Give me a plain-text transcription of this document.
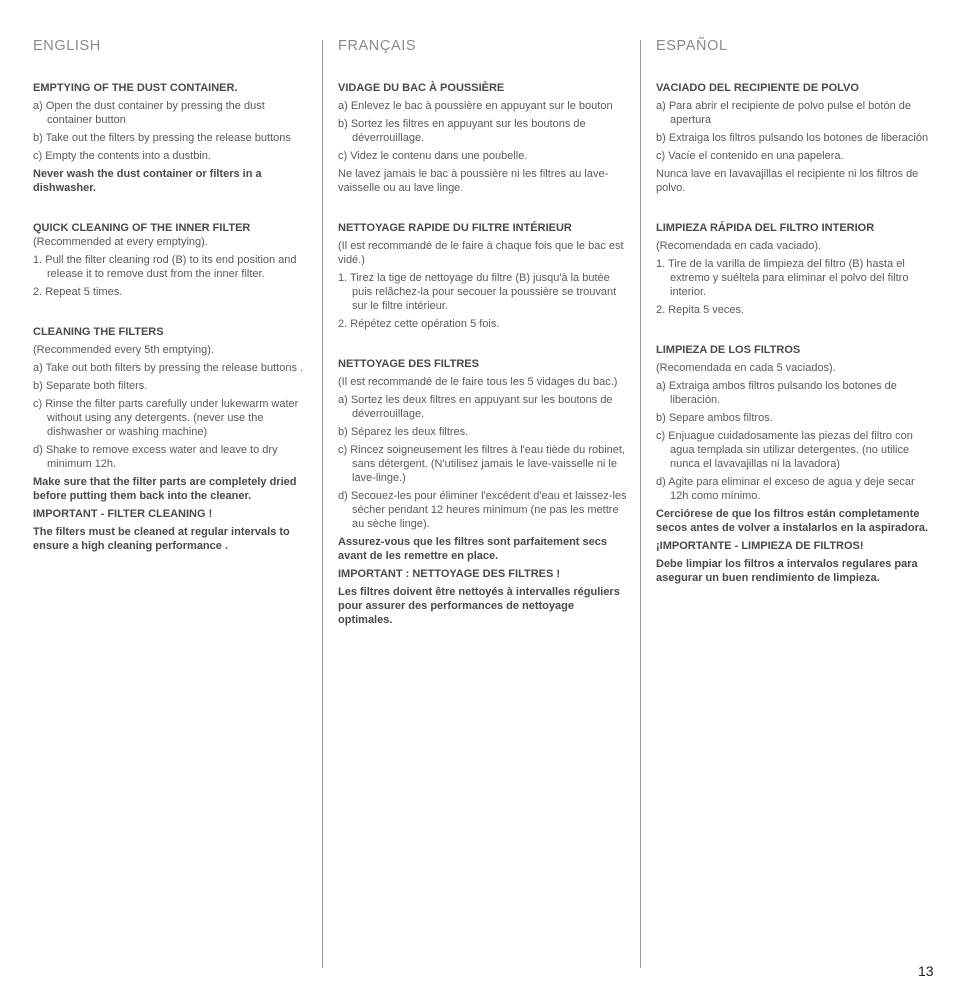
ENGLISH

EMPTYING OF THE DUST CONTAINER.

a) Open the dust container by pressing the dust container button

b) Take out the filters by pressing the release buttons

c) Empty the contents into a dustbin.

Never wash the dust container or filters in a dishwasher.

QUICK CLEANING OF THE INNER FILTER

(Recommended at every emptying).

1. Pull the filter cleaning rod (B) to its end position and release it to remove dust from the inner filter.

2. Repeat 5 times.

CLEANING THE FILTERS

(Recommended every 5th emptying).

a) Take out both filters by pressing the release buttons .

b) Separate both filters.

c) Rinse the filter parts carefully under lukewarm water without using any detergents. (never use the dishwasher or washing machine)

d) Shake to remove excess water and leave to dry minimum 12h.

Make sure that the filter parts are completely dried before putting them back into the cleaner.

IMPORTANT - FILTER CLEANING !

The filters must be cleaned at regular intervals to ensure a high cleaning performance .

FRANÇAIS

VIDAGE DU BAC À POUSSIÈRE

a) Enlevez le bac à poussière en appuyant sur le bouton

b) Sortez les filtres en appuyant sur les boutons de déverrouillage.

c) Videz le contenu dans une poubelle.

Ne lavez jamais le bac à poussière ni les filtres au lave-vaisselle ou au lave linge.

NETTOYAGE RAPIDE DU FILTRE INTÉRIEUR

(Il est recommandé de le faire à chaque fois que le bac est vidé.)

1. Tirez la tige de nettoyage du filtre (B) jusqu'à la butée puis relâchez-la pour secouer la poussière se trouvant sur le filtre intérieur.

2. Répétez cette opération 5 fois.

NETTOYAGE DES FILTRES

(Il est recommandé de le faire tous les 5 vidages du bac.)

a) Sortez les deux filtres en appuyant sur les boutons de déverrouillage.

b) Séparez les deux filtres.

c) Rincez soigneusement les filtres à l'eau tiède du robinet, sans détergent. (N'utilisez jamais le lave-vaisselle ni le lave-linge.)

d) Secouez-les pour éliminer l'excédent d'eau et laissez-les sécher pendant 12 heures minimum (ne pas les mettre au sèche linge).

Assurez-vous que les filtres sont parfaitement secs avant de les remettre en place.

IMPORTANT : NETTOYAGE DES FILTRES !

Les filtres doivent être nettoyés à intervalles réguliers pour assurer des performances de nettoyage optimales.

ESPAÑOL

VACIADO DEL RECIPIENTE DE POLVO

a) Para abrir el recipiente de polvo pulse el botón de apertura

b) Extraiga los filtros pulsando los botones de liberación

c) Vacíe el contenido en una papelera.

Nunca lave en lavavajillas el recipiente ni los filtros de polvo.

LIMPIEZA RÁPIDA DEL FILTRO INTERIOR

(Recomendada en cada vaciado).

1. Tire de la varilla de limpieza del filtro (B) hasta el extremo y suéltela para eliminar el polvo del filtro interior.

2. Repita 5 veces.

LIMPIEZA DE LOS FILTROS

(Recomendada en cada 5 vaciados).

a) Extraiga ambos filtros pulsando los botones de liberación.

b) Separe ambos filtros.

c) Enjuague cuidadosamente las piezas del filtro con agua templada sin utilizar detergentes. (no utilice nunca el lavavajillas ni la lavadora)

d) Agite para eliminar el exceso de agua y deje secar 12h como mínimo.

Cerciórese de que los filtros están completamente secos antes de volver a instalarlos en la aspiradora.

¡IMPORTANTE - LIMPIEZA DE FILTROS!

Debe limpiar los filtros a intervalos regulares para asegurar un buen rendimiento de limpieza.

13
